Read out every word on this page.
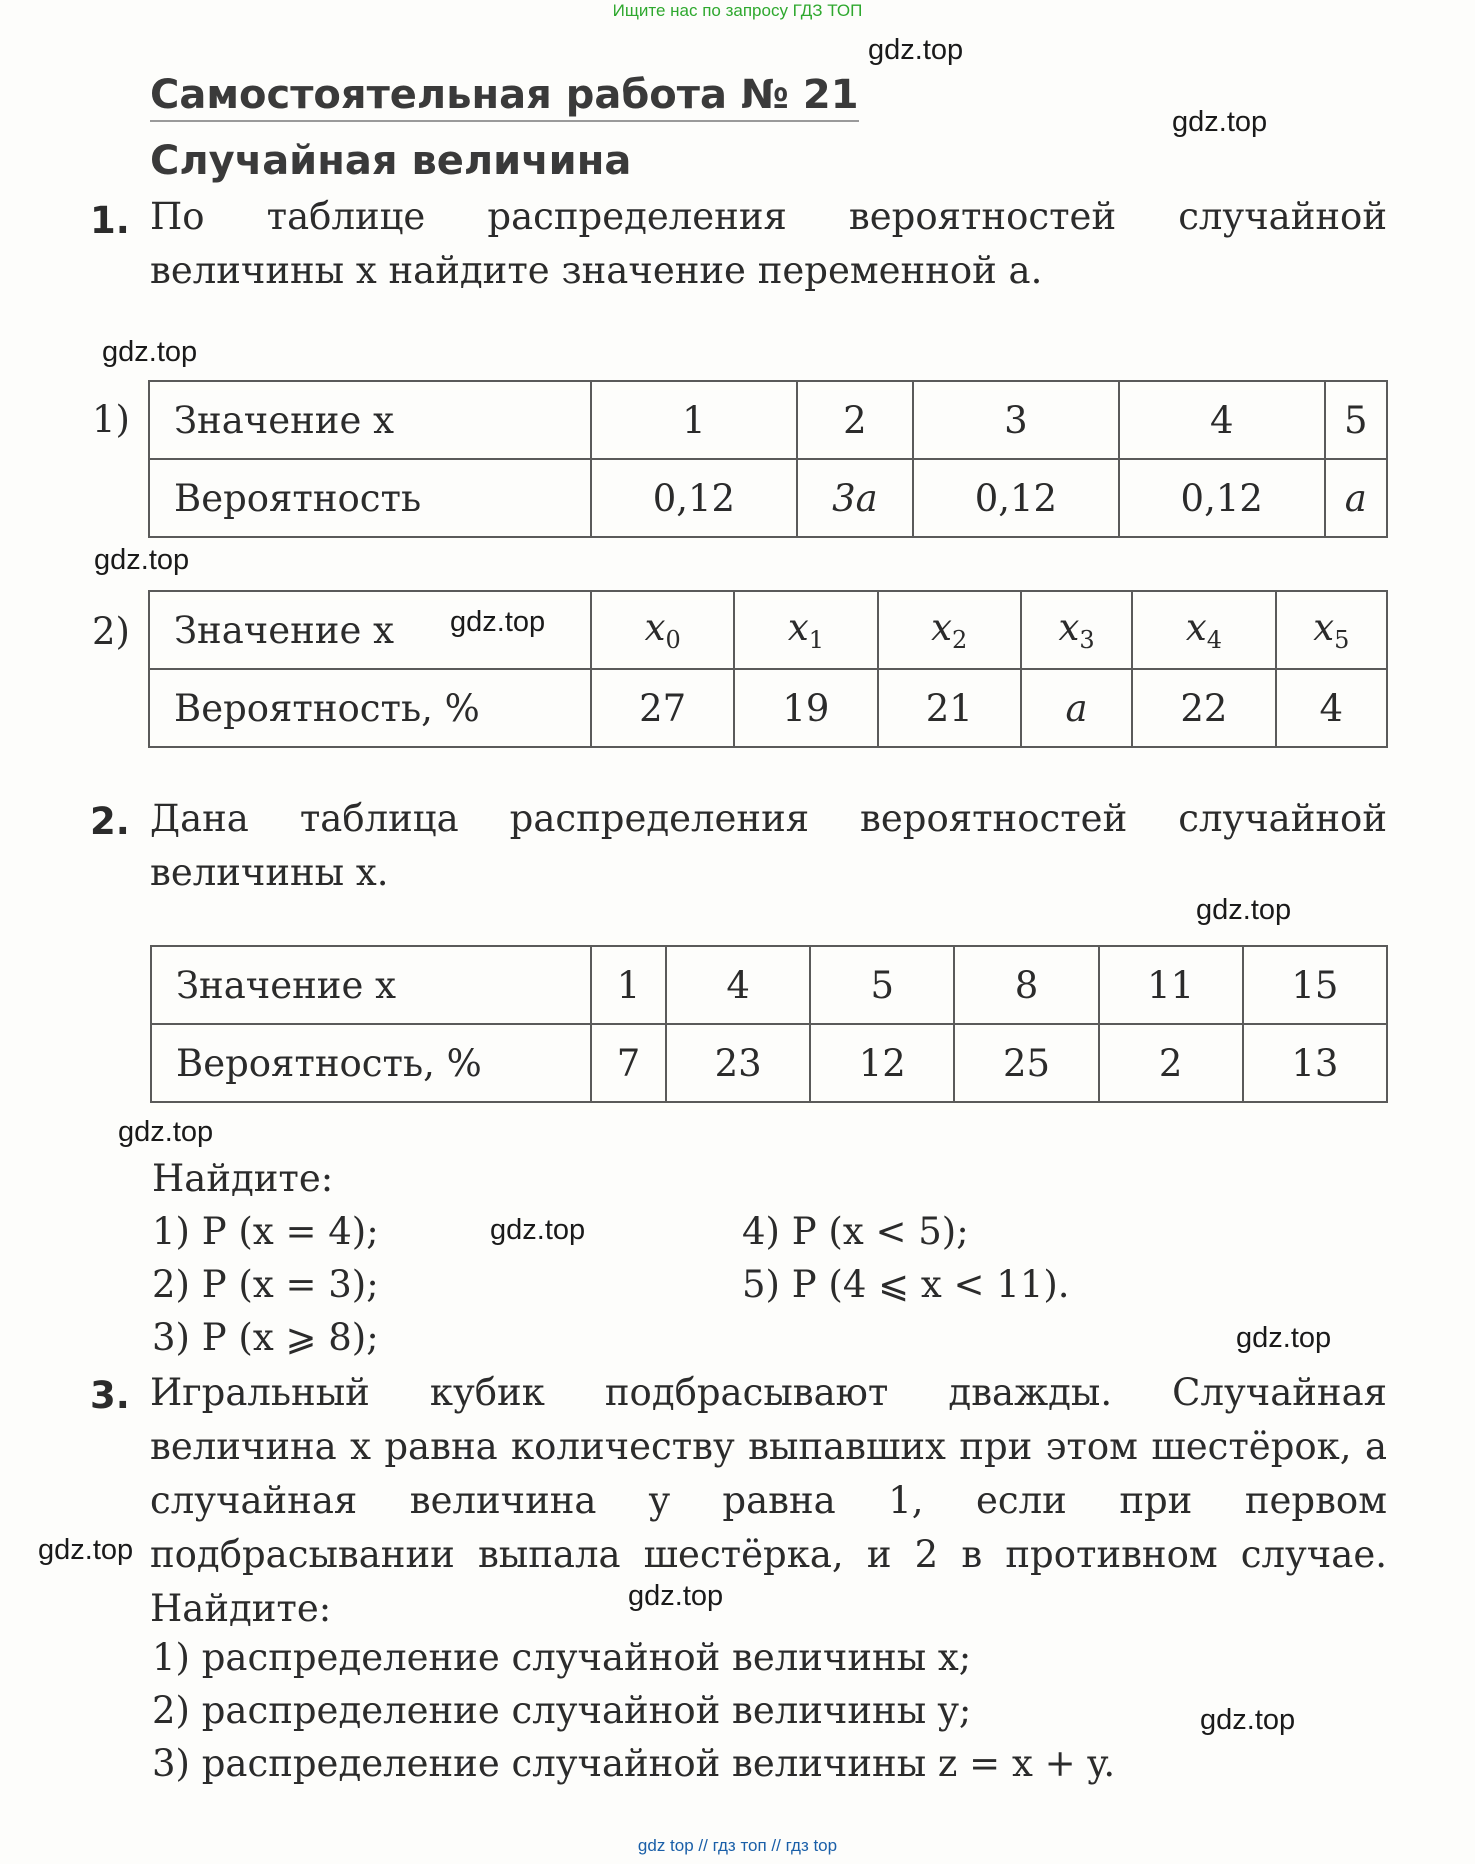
Ищите нас по запросу ГДЗ ТОП
Самостоятельная работа № 21
Случайная величина
1. По таблице распределения вероятностей случайной величины x найдите значение переменной a.
1) Значение x	1	2	3	4	5
Вероятность	0,12	3a	0,12	0,12	a
2) Значение x	$x_0$	$x_1$	$x_2$	$x_3$	$x_4$	$x_5$
Вероятность, %	27	19	21	a	22	4
2. Дана таблица распределения вероятностей случайной величины x.
Значение x	1	4	5	8	11	15
Вероятность, %	7	23	12	25	2	13
Найдите:
1) P (x = 4);
2) P (x = 3);
3) P (x ⩾ 8);
4) P (x < 5);
5) P (4 ⩽ x < 11).
3. Игральный кубик подбрасывают дважды. Случайная величина x равна количеству выпавших при этом шестёрок, а случайная величина y равна 1, если при первом подбрасывании выпала шестёрка, и 2 в противном случае. Найдите:
1) распределение случайной величины x;
2) распределение случайной величины y;
3) распределение случайной величины z = x + y.
gdz.top
gdz.top
gdz.top
gdz.top
gdz.top
gdz.top
gdz.top
gdz.top
gdz.top
gdz.top
gdz.top
gdz.top
gdz top // гдз топ // гдз top
